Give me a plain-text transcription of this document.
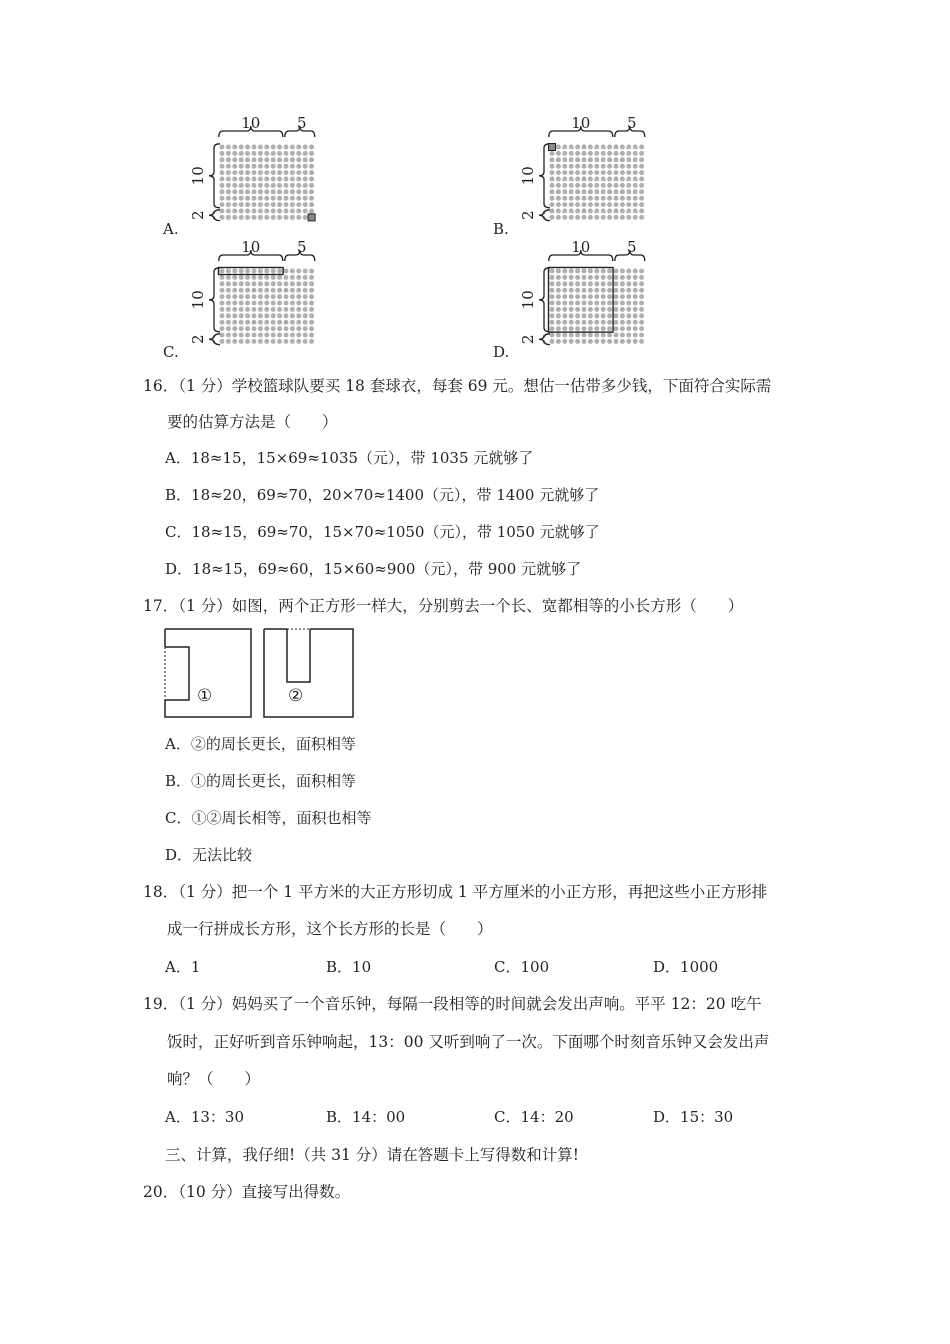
A.	B.
C.	D.
10 5
10
2
10 5
10
2
10 5
10
2
10 5
10
2
16．（1 分）学校篮球队要买 18 套球衣，每套 69 元。想估一估带多少钱，下面符合实际需
要的估算方法是（　　）
A．18≈15，15×69≈1035（元），带 1035 元就够了
B．18≈20，69≈70，20×70≈1400（元），带 1400 元就够了
C．18≈15，69≈70，15×70≈1050（元），带 1050 元就够了
D．18≈15，69≈60，15×60≈900（元），带 900 元就够了
17．（1 分）如图，两个正方形一样大，分别剪去一个长、宽都相等的小长方形（　　）
①	②
A．②的周长更长，面积相等
B．①的周长更长，面积相等
C．①②周长相等，面积也相等
D．无法比较
18．（1 分）把一个 1 平方米的大正方形切成 1 平方厘米的小正方形，再把这些小正方形排
成一行拼成长方形，这个长方形的长是（　　）
A．1	B．10	C．100	D．1000
19．（1 分）妈妈买了一个音乐钟，每隔一段相等的时间就会发出声响。平平 12：20 吃午
饭时，正好听到音乐钟响起，13：00 又听到响了一次。下面哪个时刻音乐钟又会发出声
响？（　　）
A．13：30	B．14：00	C．14：20	D．15：30
三、计算，我仔细!（共 31 分）请在答题卡上写得数和计算!
20．（10 分）直接写出得数。
